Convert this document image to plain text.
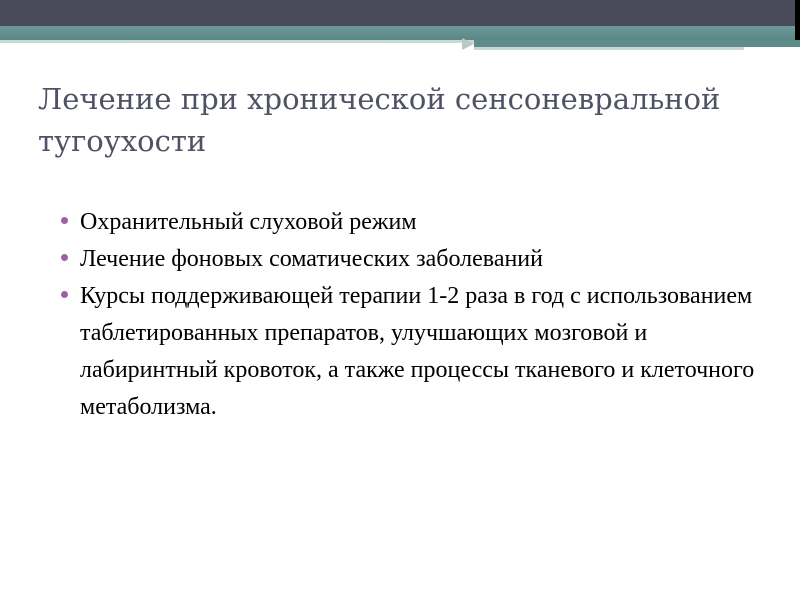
Лечение при хронической сенсоневральной тугоухости
Охранительный слуховой режим
Лечение фоновых соматических заболеваний
Курсы поддерживающей терапии 1-2 раза в год с использованием таблетированных препаратов, улучшающих мозговой и лабиринтный кровоток, а также процессы тканевого и клеточного метаболизма.
